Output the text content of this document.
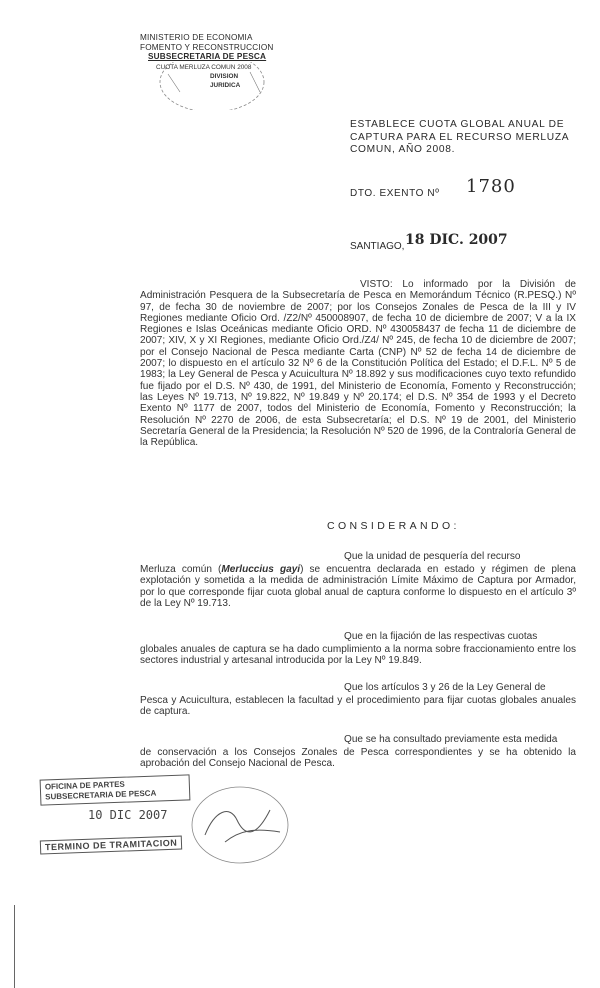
MINISTERIO DE ECONOMIA
FOMENTO Y RECONSTRUCCION
SUBSECRETARIA DE PESCA
CUOTA MERLUZA COMUN 2008
DIVISION
JURIDICA
ESTABLECE CUOTA GLOBAL ANUAL DE CAPTURA PARA EL RECURSO MERLUZA COMUN, AÑO 2008.
DTO. EXENTO Nº 1780
SANTIAGO, 18 DIC. 2007
VISTO: Lo informado por la División de Administración Pesquera de la Subsecretaría de Pesca en Memorándum Técnico (R.PESQ.) Nº 97, de fecha 30 de noviembre de 2007; por los Consejos Zonales de Pesca de la III y IV Regiones mediante Oficio Ord. /Z2/Nº 450008907, de fecha 10 de diciembre de 2007; V a la IX Regiones e Islas Oceánicas mediante Oficio ORD. Nº 430058437 de fecha 11 de diciembre de 2007; XIV, X y XI Regiones, mediante Oficio Ord./Z4/ Nº 245, de fecha 10 de diciembre de 2007; por el Consejo Nacional de Pesca mediante Carta (CNP) Nº 52 de fecha 14 de diciembre de 2007; lo dispuesto en el artículo 32 Nº 6 de la Constitución Política del Estado; el D.F.L. Nº 5 de 1983; la Ley General de Pesca y Acuicultura Nº 18.892 y sus modificaciones cuyo texto refundido fue fijado por el D.S. Nº 430, de 1991, del Ministerio de Economía, Fomento y Reconstrucción; las Leyes Nº 19.713, Nº 19.822, Nº 19.849 y Nº 20.174; el D.S. Nº 354 de 1993 y el Decreto Exento Nº 1177 de 2007, todos del Ministerio de Economía, Fomento y Reconstrucción; la Resolución Nº 2270 de 2006, de esta Subsecretaría; el D.S. Nº 19 de 2001, del Ministerio Secretaría General de la Presidencia; la Resolución Nº 520 de 1996, de la Contraloría General de la República.
CONSIDERANDO:
Que la unidad de pesquería del recurso
Merluza común (Merluccius gayi) se encuentra declarada en estado y régimen de plena explotación y sometida a la medida de administración Límite Máximo de Captura por Armador, por lo que corresponde fijar cuota global anual de captura conforme lo dispuesto en el artículo 3º de la Ley Nº 19.713.
Que en la fijación de las respectivas cuotas
globales anuales de captura se ha dado cumplimiento a la norma sobre fraccionamiento entre los sectores industrial y artesanal introducida por la Ley Nº 19.849.
Que los artículos 3 y 26 de la Ley General de
Pesca y Acuicultura, establecen la facultad y el procedimiento para fijar cuotas globales anuales de captura.
Que se ha consultado previamente esta medida
de conservación a los Consejos Zonales de Pesca correspondientes y se ha obtenido la aprobación del Consejo Nacional de Pesca.
OFICINA DE PARTES
SUBSECRETARIA DE PESCA
10 DIC 2007
TERMINO DE TRAMITACION
